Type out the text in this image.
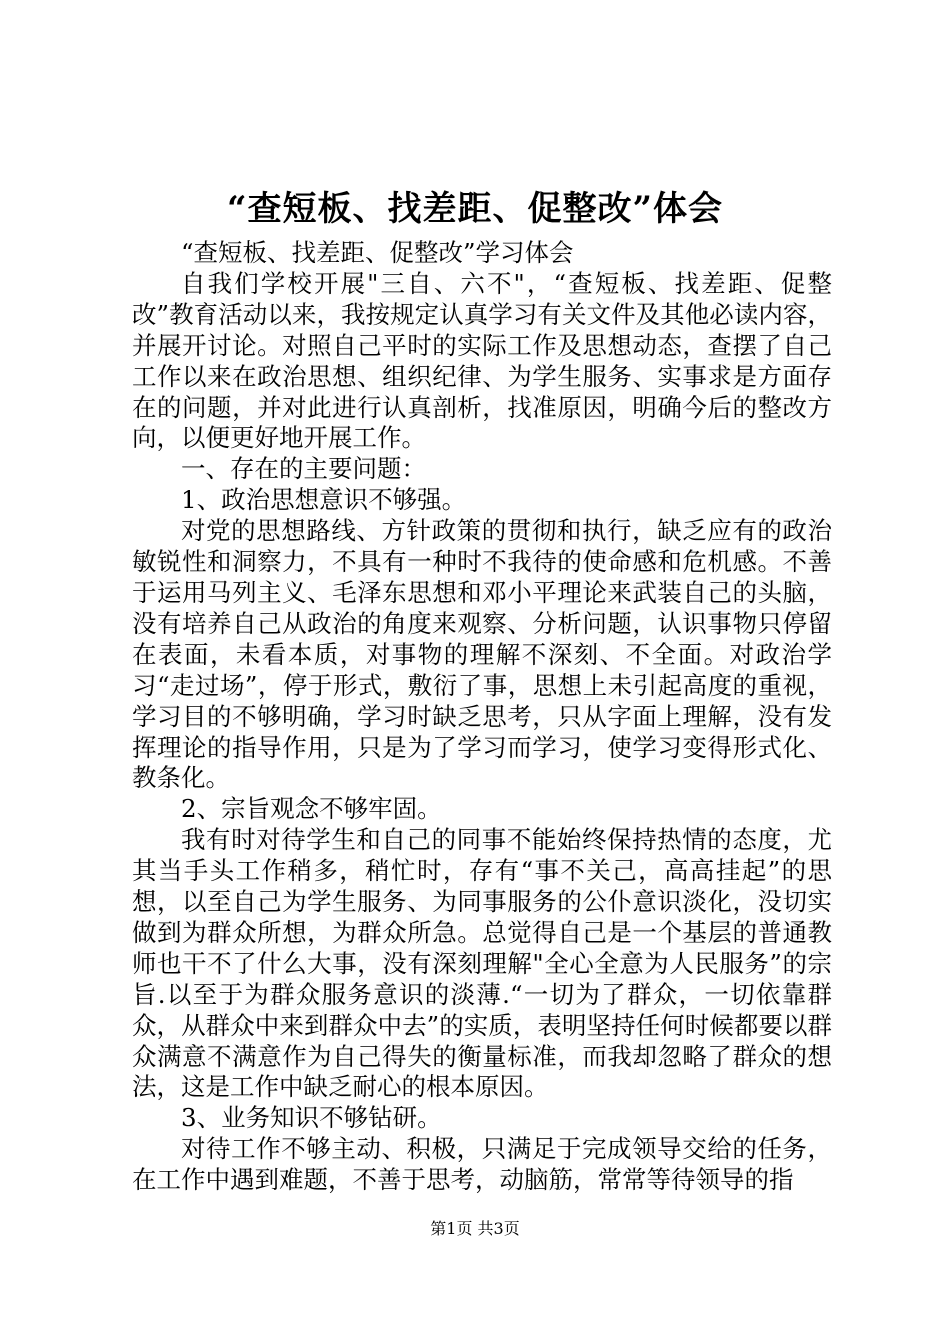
“查短板、找差距、促整改”体会

“查短板、找差距、促整改”学习体会

自我们学校开展"三自、六不"，“查短板、找差距、促整改”教育活动以来，我按规定认真学习有关文件及其他必读内容，并展开讨论。对照自己平时的实际工作及思想动态，查摆了自己工作以来在政治思想、组织纪律、为学生服务、实事求是方面存在的问题，并对此进行认真剖析，找准原因，明确今后的整改方向，以便更好地开展工作。

一、存在的主要问题：

1、政治思想意识不够强。

对党的思想路线、方针政策的贯彻和执行，缺乏应有的政治敏锐性和洞察力，不具有一种时不我待的使命感和危机感。不善于运用马列主义、毛泽东思想和邓小平理论来武装自己的头脑，没有培养自己从政治的角度来观察、分析问题，认识事物只停留在表面，未看本质，对事物的理解不深刻、不全面。对政治学习“走过场”，停于形式，敷衍了事，思想上未引起高度的重视，学习目的不够明确，学习时缺乏思考，只从字面上理解，没有发挥理论的指导作用，只是为了学习而学习，使学习变得形式化、教条化。

2、宗旨观念不够牢固。

我有时对待学生和自己的同事不能始终保持热情的态度，尤其当手头工作稍多，稍忙时，存有“事不关己，高高挂起”的思想，以至自己为学生服务、为同事服务的公仆意识淡化，没切实做到为群众所想，为群众所急。总觉得自己是一个基层的普通教师也干不了什么大事，没有深刻理解"全心全意为人民服务”的宗旨.以至于为群众服务意识的淡薄.“一切为了群众，一切依靠群众，从群众中来到群众中去”的实质，表明坚持任何时候都要以群众满意不满意作为自己得失的衡量标准，而我却忽略了群众的想法，这是工作中缺乏耐心的根本原因。

3、业务知识不够钻研。

对待工作不够主动、积极，只满足于完成领导交给的任务，在工作中遇到难题，不善于思考，动脑筋，常常等待领导的指

第1页 共3页
